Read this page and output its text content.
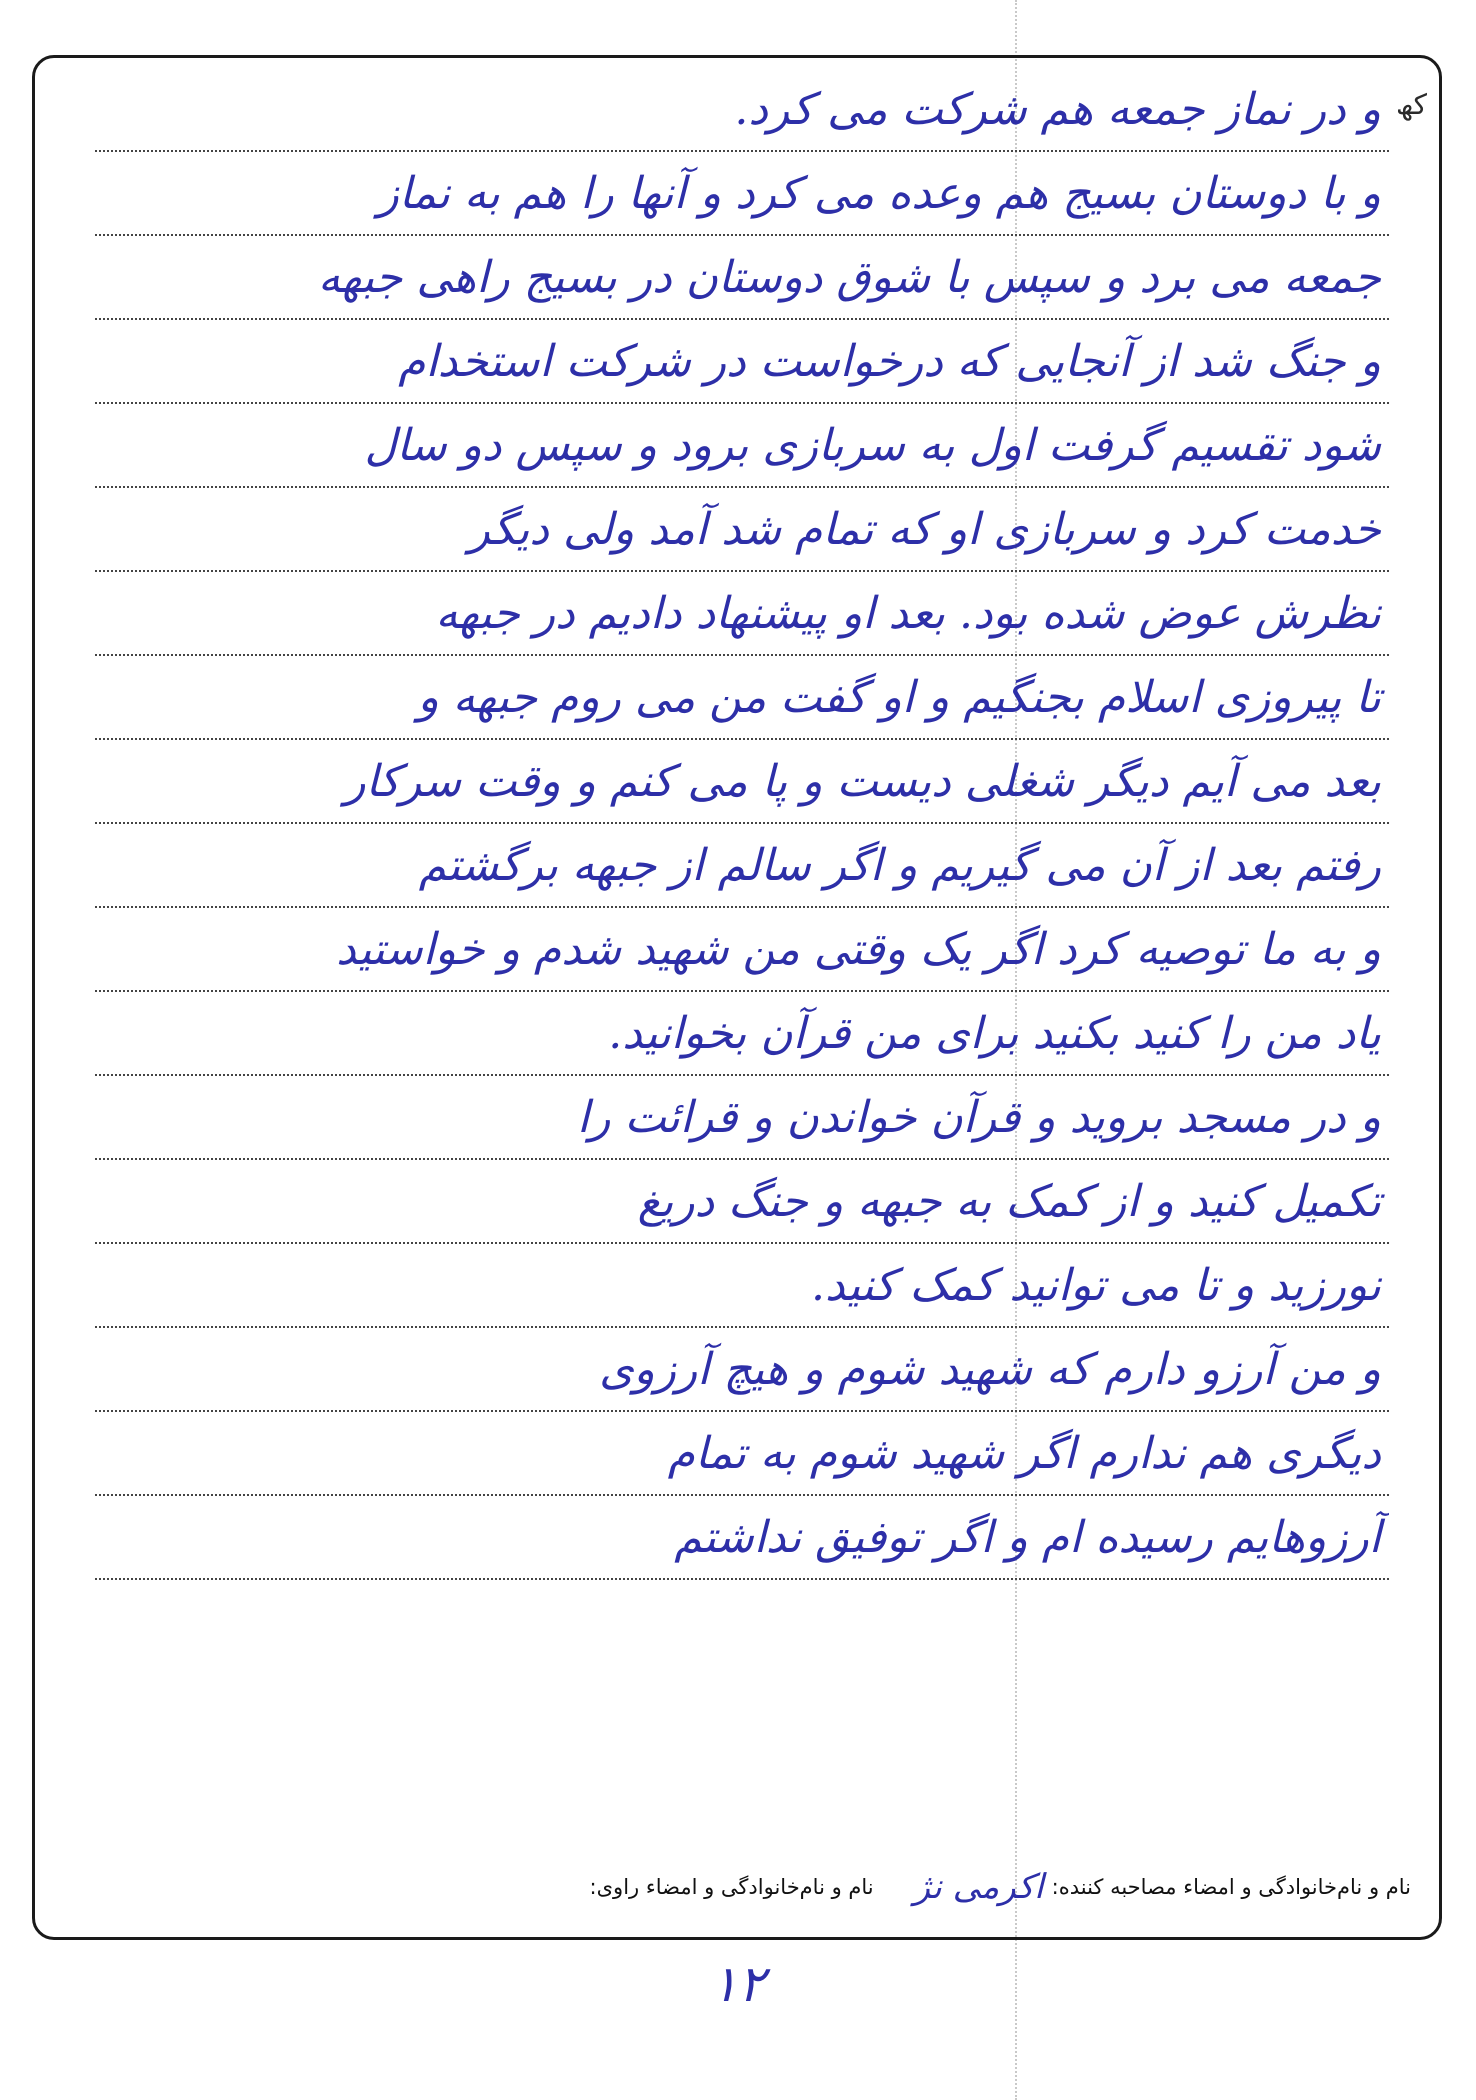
کھ
و در نماز جمعه هم شرکت می کرد.
و با دوستان بسیج هم وعده می کرد و آنها را هم به نماز
جمعه می برد و سپس با شوق دوستان در بسیج راهی جبهه
و جنگ شد از آنجایی که درخواست در شرکت استخدام
شود تقسیم گرفت اول به سربازی برود و سپس دو سال
خدمت کرد و سربازی او که تمام شد آمد ولی دیگر
نظرش عوض شده بود. بعد او پیشنهاد دادیم در جبهه
تا پیروزی اسلام بجنگیم و او گفت من می روم جبهه و
بعد می آیم دیگر شغلی دیست و پا می کنم و وقت سرکار
رفتم بعد از آن می گیریم و اگر سالم از جبهه برگشتم
و به ما توصیه کرد اگر یک وقتی من شهید شدم و خواستید
یاد من را کنید بکنید برای من قرآن بخوانید.
و در مسجد بروید و قرآن خواندن و قرائت را
تکمیل کنید و از کمک به جبهه و جنگ دریغ
نورزید و تا می توانید کمک کنید.
و من آرزو دارم که شهید شوم و هیچ آرزوی
دیگری هم ندارم اگر شهید شوم به تمام
آرزوهایم رسیده ام و اگر توفیق نداشتم
نام و نام‌خانوادگی و امضاء مصاحبه کننده:
اکرمی نژ
نام و نام‌خانوادگی و امضاء راوی:
۱۲
